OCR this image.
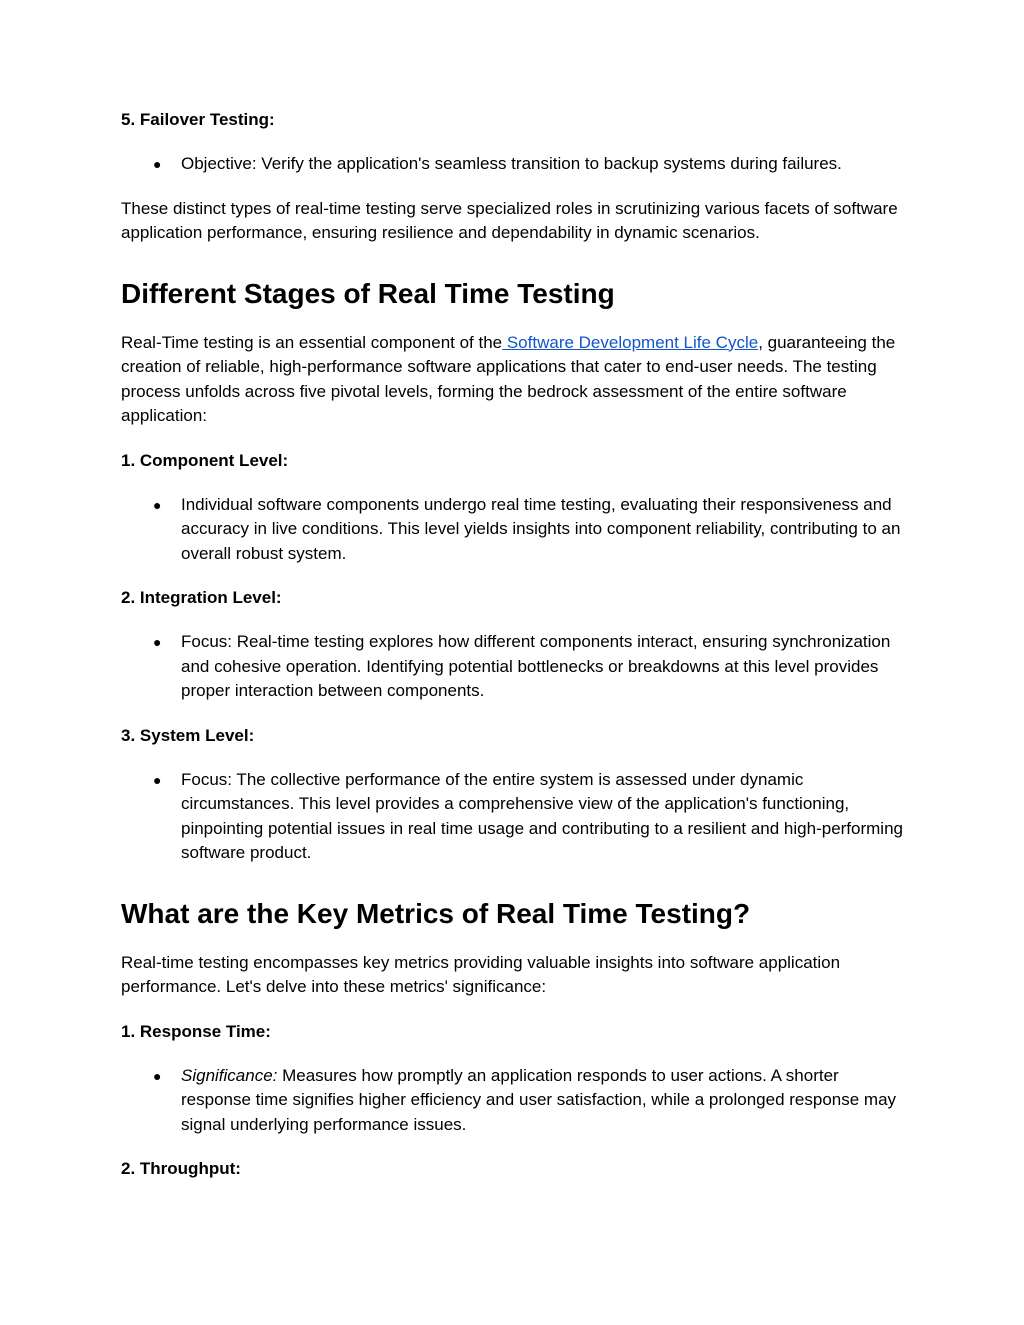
5. Failover Testing:

● Objective: Verify the application's seamless transition to backup systems during failures.

These distinct types of real-time testing serve specialized roles in scrutinizing various facets of software application performance, ensuring resilience and dependability in dynamic scenarios.

Different Stages of Real Time Testing

Real-Time testing is an essential component of the Software Development Life Cycle, guaranteeing the creation of reliable, high-performance software applications that cater to end-user needs. The testing process unfolds across five pivotal levels, forming the bedrock assessment of the entire software application:

1. Component Level:

● Individual software components undergo real time testing, evaluating their responsiveness and accuracy in live conditions. This level yields insights into component reliability, contributing to an overall robust system.

2. Integration Level:

● Focus: Real-time testing explores how different components interact, ensuring synchronization and cohesive operation. Identifying potential bottlenecks or breakdowns at this level provides proper interaction between components.

3. System Level:

● Focus: The collective performance of the entire system is assessed under dynamic circumstances. This level provides a comprehensive view of the application's functioning, pinpointing potential issues in real time usage and contributing to a resilient and high-performing software product.
What are the Key Metrics of Real Time Testing?

Real-time testing encompasses key metrics providing valuable insights into software application performance. Let's delve into these metrics' significance:

1. Response Time:

● Significance: Measures how promptly an application responds to user actions. A shorter response time signifies higher efficiency and user satisfaction, while a prolonged response may signal underlying performance issues.

2. Throughput:
